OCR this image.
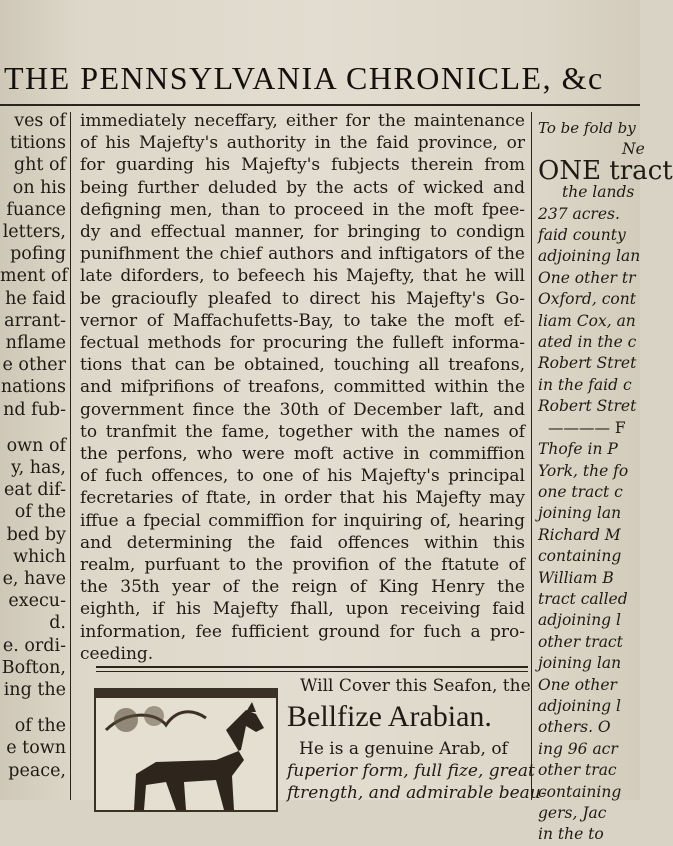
THE PENNSYLVANIA CHRONICLE, &c
ves of
titions
ght of
on his
fuance
letters,
pofing
ment of
he faid
arrant-
nflame
e other
nations
nd fub-
own of
y, has,
eat dif-
of the
bed by
which
e, have
execu-
d.
e. ordi-
Bofton,
ing the
of the
e town
peace,
immediately neceffary, either for the maintenance
of his Majefty's authority in the faid province, or
for guarding his Majefty's fubjects therein from
being further deluded by the acts of wicked and
defigning men, than to proceed in the moft fpee-
dy and effectual manner, for bringing to condign
punifhment the chief authors and inftigators of the
late diforders, to befeech his Majefty, that he will
be gracioufly pleafed to direct his Majefty's Go-
vernor of Maffachufetts-Bay, to take the moft ef-
fectual methods for procuring the fulleft informa-
tions that can be obtained, touching all treafons,
and mifprifions of treafons, committed within the
government fince the 30th of December laft, and
to tranfmit the fame, together with the names of
the perfons, who were moft active in commiffion
of fuch offences, to one of his Majefty's principal
fecretaries of ftate, in order that his Majefty may
iffue a fpecial commiffion for inquiring of, hearing
and determining the faid offences within this
realm, purfuant to the provifion of the ftatute of
the 35th year of the reign of King Henry the
eighth, if his Majefty fhall, upon receiving faid
information, fee fufficient ground for fuch a pro-
ceeding.
Will Cover this Seafon, the
Bellfize Arabian.
He is a genuine Arab, of
fuperior form, full fize, great
ftrength, and admirable beau-
To be fold by
Ne
ONE tract
the lands
237 acres.
faid county
adjoining lan
One other tr
Oxford, cont
liam Cox, an
ated in the c
Robert Stret
in the faid c
Robert Stret
———— F
Thofe in P
York, the fo
one tract c
joining lan
Richard M
containing
William B
tract called
adjoining l
other tract
joining lan
One other
adjoining l
others. O
ing 96 acr
other trac
containing
gers, Jac
in the to
